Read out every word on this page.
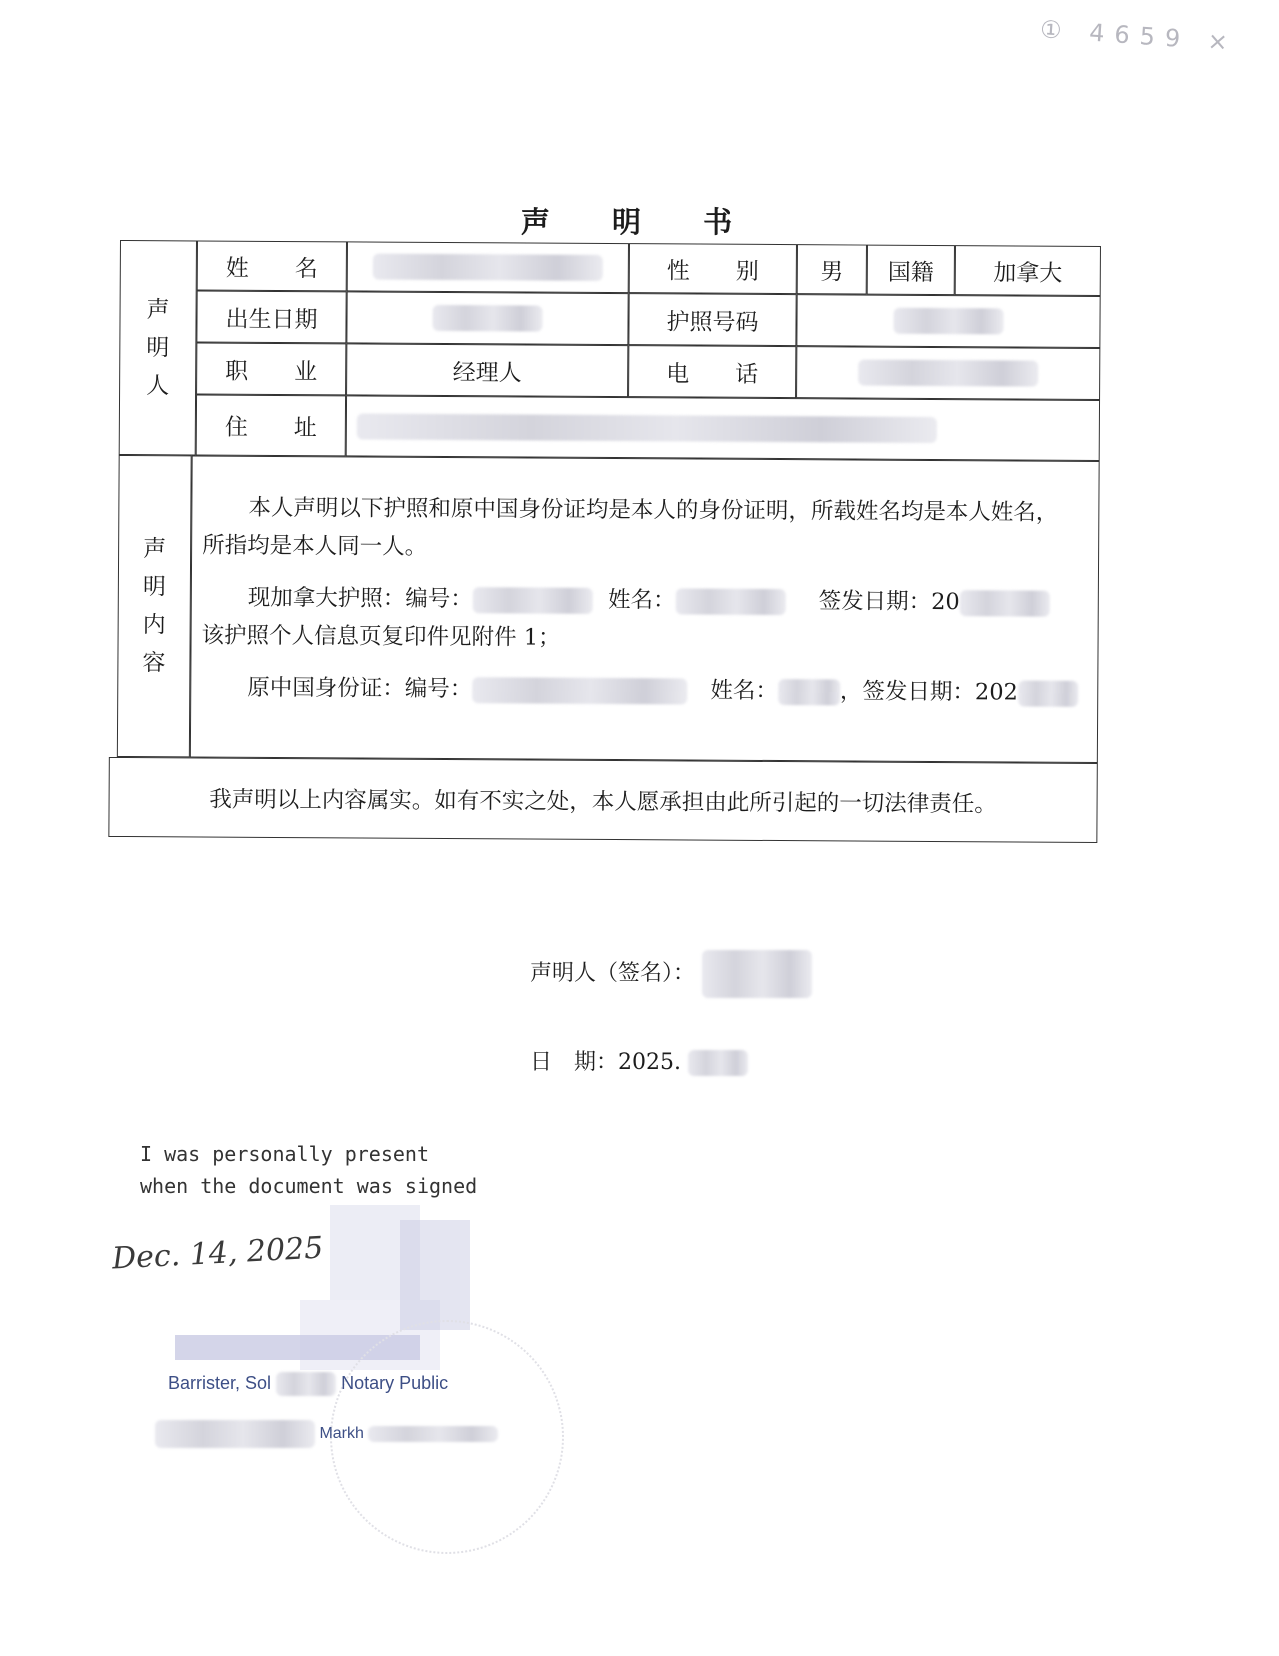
① 4659 ×
声 明 书
声
明
人
姓　　名	性　　别	男	国籍	加拿大
出生日期	护照号码
职　　业	经理人	电　　话
住　　址
声
明
内
容
本人声明以下护照和原中国身份证均是本人的身份证明，所载姓名均是本人姓名，
所指均是本人同一人。
现加拿大护照：编号：	姓名：	签发日期：20
该护照个人信息页复印件见附件 1；
原中国身份证：编号：	姓名：	，签发日期：202
我声明以上内容属实。如有不实之处，本人愿承担由此所引起的一切法律责任。
声明人（签名）：
日　期：2025.
I was personally present
when the document was signed
Dec. 14, 2025
Barrister, Sol	Notary Public
Markh
